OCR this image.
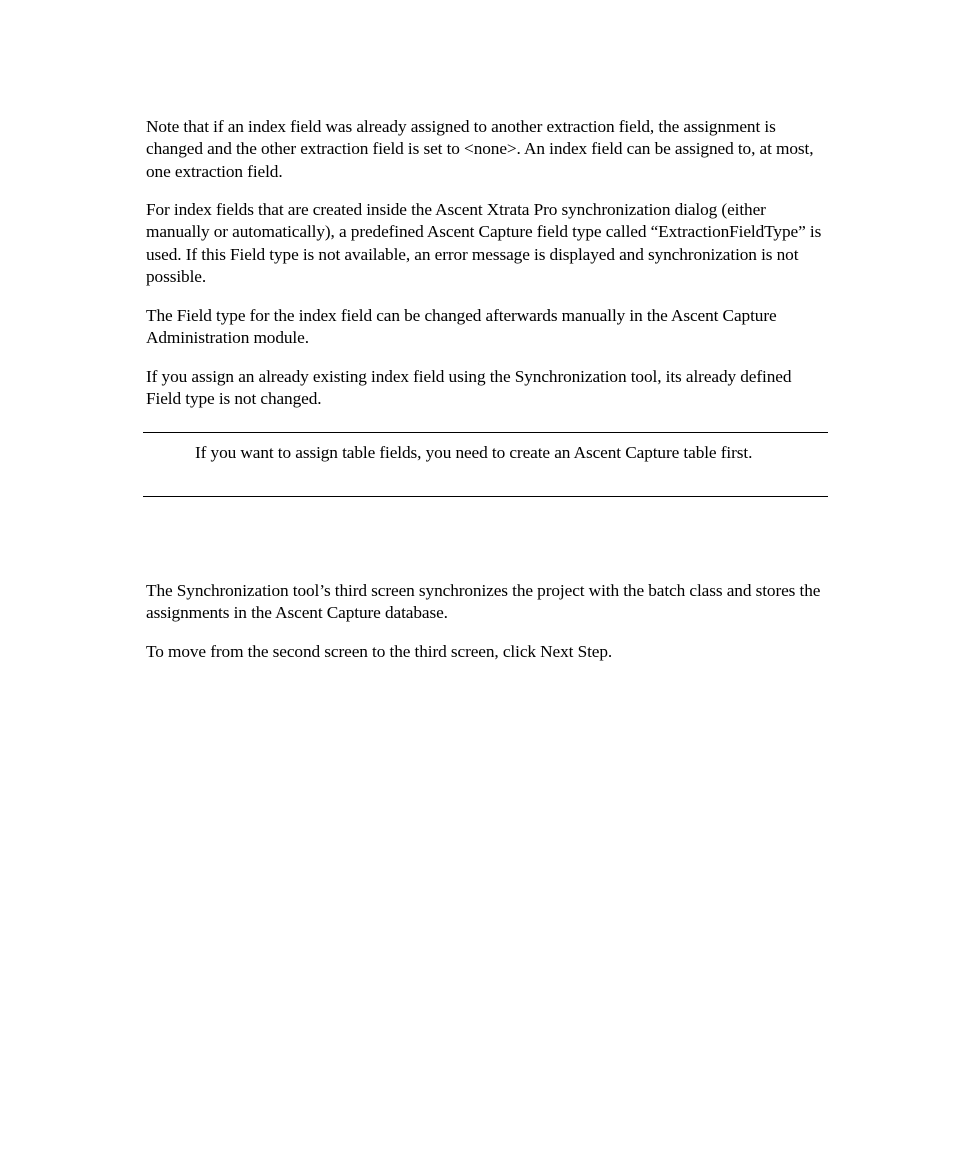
Note that if an index field was already assigned to another extraction field, the assignment is changed and the other extraction field is set to <none>. An index field can be assigned to, at most, one extraction field.

For index fields that are created inside the Ascent Xtrata Pro synchronization dialog (either manually or automatically), a predefined Ascent Capture field type called “ExtractionFieldType” is used. If this Field type is not available, an error message is displayed and synchronization is not possible.

The Field type for the index field can be changed afterwards manually in the Ascent Capture Administration module.

If you assign an already existing index field using the Synchronization tool, its already defined Field type is not changed.

If you want to assign table fields, you need to create an Ascent Capture table first.

The Synchronization tool’s third screen synchronizes the project with the batch class and stores the assignments in the Ascent Capture database.

To move from the second screen to the third screen, click Next Step.
